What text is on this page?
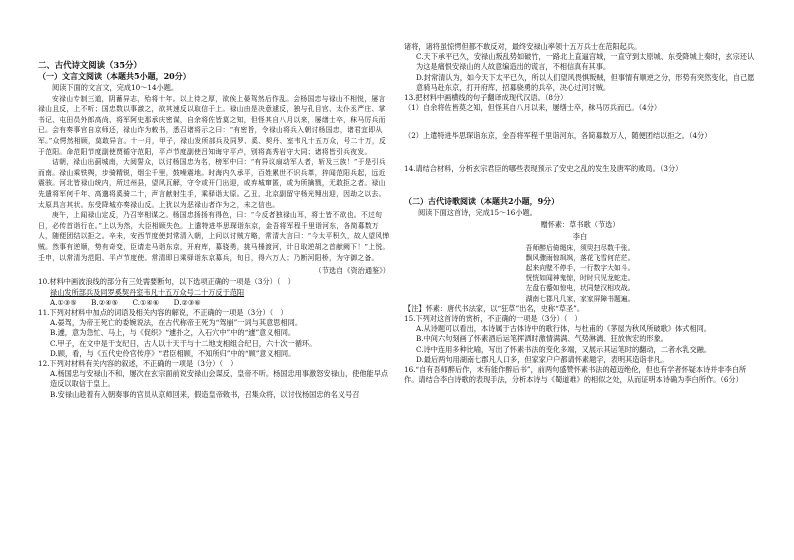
二、古代诗文阅读（35分）
（一）文言文阅读（本题共5小题，20分）

阅读下面的文言文，完成10～14小题。

安禄山专制三道，阴蓄异志，殆将十年。以上待之厚，欲俟上晏驾然后作乱。会杨国忠与禄山不相悦，屡言禄山且反，上不听；国忠数以事激之，欲其速反以取信于上。禄山由是决意遽反，独与孔目官、太仆丞严庄、掌书记、屯田员外郎高尚、将军阿史那承庆密谋，自余将佐皆莫之知，但怪其自八月以来，屡缮士卒，秣马厉兵而已。会有奏事官自京师还，禄山诈为敕书，悉召诸将示之曰：“有密旨，令禄山将兵入朝讨杨国忠，诸君宜即从军。”众愕然相顾，莫敢异言。十一月，甲子，禄山发所部兵及同罗、奚、契丹、室韦凡十五万众，号二十万，反于范阳。命范阳节度副使贾循守范阳，平卢节度副使吕知诲守平卢，别将高秀岩守大同；诸将皆引兵夜发。

诘朝，禄山出蓟城南，大阅誓众，以讨杨国忠为名，榜军中曰：“有异议扇动军人者，斩及三族！”于是引兵而南。禄山乘铁舆，步骑精锐，烟尘千里，鼓噪震地。时海内久承平，百姓累世不识兵革，猝闻范阳兵起，远近震骇。河北皆禄山统内，所过州县，望风瓦解，守令或开门出迎，或弃城窜匿，或为所擒戮，无敢拒之者。禄山先遣将军何千年、高邈将奚骑二十，声言献射生手，乘驿诣太原。乙丑，北京副留守杨光翙出迎，因劫之以去。太原具言其状。东受降城亦奏禄山反。上犹以为恶禄山者诈为之，未之信也。

庚午，上闻禄山定反，乃召宰相谋之。杨国忠扬扬有得色，曰：“今反者独禄山耳，将士皆不欲也。不过旬日，必传首诣行在。”上以为然，大臣相顾失色。上遣特进毕思琛诣东京，金吾将军程千里诣河东，各简募数万人，随便团结以拒之。辛未，安西节度使封常清入朝，上问以讨贼方略，常清大言曰：“今太平积久，故人望风惮贼。然事有逆顺，势有奇变，臣请走马诣东京，开府库，募骁勇，挑马棰渡河，计日取逆胡之首献阙下！”上悦。壬申，以常清为范阳、平卢节度使。常清即日乘驿诣东京募兵，旬日，得六万人；乃断河阳桥，为守御之备。

（节选自《资治通鉴》）

10.材料中画波浪线的部分有三处需要断句，以下选项正确的一项是（3分）（　）

禄山发所部兵及同罗奚契丹室韦凡十五万众号二十万反于范阳

A.①③⑤　　B.②④⑤　　C.①④⑥　　D.②③⑥

11.下列对材料中加点的词语及相关内容的解说，不正确的一项是（3分）（　）

A.晏驾，为帝王死亡的委婉说法，在古代称帝王死为“驾崩”一词与其意思相同。

B.遽，意为急忙、马上，与《促织》“遽扑之，入石穴中”中的“遽”意义相同。

C.甲子，在文中是干支纪日，古人以十天干与十二地支相组合纪日，六十次一循环。

D.顾，看，与《五代史伶官传序》“君臣相顾，不知所归”中的“顾”意义相同。

12.下列对材料有关内容的叙述，不正确的一项是（3分）（　）

A.杨国忠与安禄山不和，屡次在玄宗面前说安禄山会谋反，皇帝不听。杨国忠用事激怒安禄山，使他能早点造反以取信于皇上。

B.安禄山趁着有入朝奏事的官员从京师回来，假造皇帝敕书，召集众将，以讨伐杨国忠的名义号召

诸将，诸将虽惊愕但都不敢反对，最终安禄山率领十五万兵士在范阳起兵。

C.天下承平已久，安禄山叛乱势如破竹，一路北上直逼宫城，一直守到太原城、东受降城上奏时，玄宗还认为这是痛恨安禄山的人故意编造出的谎言，不相信真有其事。

D.封常清认为，如今天下太平已久，所以人们望风畏惧叛贼，但事情有顺逆之分，形势有突然变化，自己愿意骑马赴东京，打开府库，招募骁勇的兵卒，决心过河讨贼。

13.把材料中画横线的句子翻译成现代汉语。（8分）

（1）自余将佐皆莫之知，但怪其自八月以来，屡缮士卒，秣马厉兵而已。（4分）

（2）上遣特进毕思琛诣东京，金吾将军程千里诣河东，各简募数万人，随便团结以拒之。（4分）

14.请结合材料，分析玄宗君臣的哪些表现预示了安史之乱的发生及唐军的败局。（3分）

（二）古代诗歌阅读（本题共2小题，9分）

阅读下面这首诗，完成15～16小题。

赠怀素：草书歌（节选）
李白
吾师醉后倚绳床，须臾扫尽数千张。
飘风骤雨惊飒飒，落花飞雪何茫茫。
起来向壁不停手，一行数字大如斗。
恍恍如闻神鬼惊，时时只见龙蛇走。
左盘右蹙如惊电，状同楚汉相攻战。
湖南七郡凡几家，家家屏障书题遍。

【注】怀素：唐代书法家，以“狂草”出名，史称“草圣”。

15.下列对这首诗的赏析，不正确的一项是（3分）（　）

A.从诗题可以看出，本诗属于古体诗中的歌行体，与杜甫的《茅屋为秋风所破歌》体式相同。

B.中间六句刻画了怀素酒后运笔挥洒时激情满满、气势淋漓、狂放恢宏的形象。

C.诗中连用多种比喻，写出了怀素书法的变化多端，又展示其运笔时的翻动，二者水乳交融。

D.最后两句用湖南七郡凡人口多，但家家户户都请怀素题字，表明其造诣非凡。

16.“自有吾师醉后作，未有能作醉后书”，前两句盛赞怀素书法的超迈绝伦，但也有学者怀疑本诗并非李白所作。请结合李白诗歌的表现手法，分析本诗与《蜀道难》的相似之处，从而证明本诗确为李白所作。（6分）
